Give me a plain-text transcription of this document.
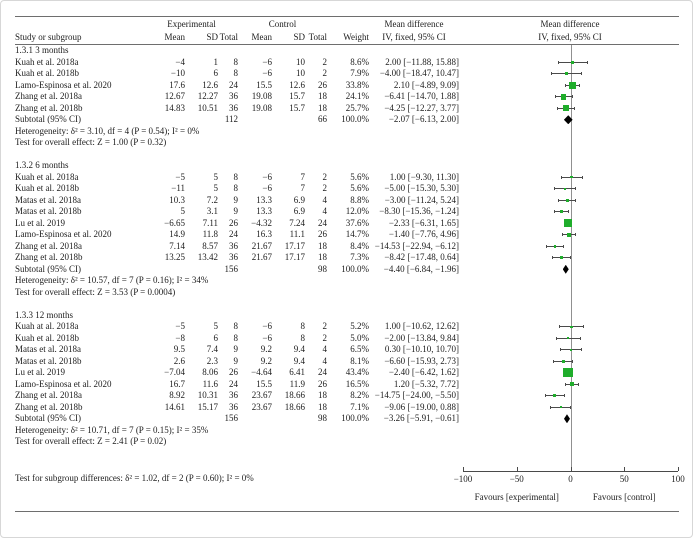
Experimental	Control	Mean difference	Mean difference
Study or subgroup	Mean	SD Total	Mean	SD Total	Weight	IV, fixed, 95% CI	IV, fixed, 95% CI
1.3.1 3 months
Kuah et al. 2018a	−4	1	8	−6	10	2	8.6%	2.00 [−11.88, 15.88]
Kuah et al. 2018b	−10	6	8	−6	10	2	7.9%	−4.00 [−18.47, 10.47]
Lamo-Espinosa et al. 2020	17.6	12.6	24	15.5	12.6	26	33.8%	2.10 [−4.89, 9.09]
Zhang et al. 2018a	12.67	12.27	36	19.08	15.7	18	24.1%	−6.41 [−14.70, 1.88]
Zhang et al. 2018b	14.83	10.51	36	19.08	15.7	18	25.7%	−4.25 [−12.27, 3.77]
Subtotal (95% CI)	112	66	100.0%	−2.07 [−6.13, 2.00]
Heterogeneity: δ² = 3.10, df = 4 (P = 0.54); I² = 0%
Test for overall effect: Z = 1.00 (P = 0.32)
1.3.2 6 months
Kuah et al. 2018a	−5	5	8	−6	7	2	5.6%	1.00 [−9.30, 11.30]
Kuah et al. 2018b	−11	5	8	−6	7	2	5.6%	−5.00 [−15.30, 5.30]
Matas et al. 2018a	10.3	7.2	9	13.3	6.9	4	8.8%	−3.00 [−11.24, 5.24]
Matas et al. 2018b	5	3.1	9	13.3	6.9	4	12.0%	−8.30 [−15.36, −1.24]
Lu et al. 2019	−6.65	7.11	26	−4.32	7.24	24	37.6%	−2.33 [−6.31, 1.65]
Lamo-Espinosa et al. 2020	14.9	11.8	24	16.3	11.1	26	14.7%	−1.40 [−7.76, 4.96]
Zhang et al. 2018a	7.14	8.57	36	21.67	17.17	18	8.4% −14.53 [−22.94, −6.12]
Zhang et al. 2018b	13.25	13.42	36	21.67	17.17	18	7.3%	−8.42 [−17.48, 0.64]
Subtotal (95% CI)	156	98	100.0%	−4.40 [−6.84, −1.96]
Heterogeneity: δ² = 10.57, df = 7 (P = 0.16); I² = 34%
Test for overall effect: Z = 3.53 (P = 0.0004)
1.3.3 12 months
Kuah at al. 2018a	−5	5	8	−6	8	2	5.2%	1.00 [−10.62, 12.62]
Kuah et al. 2018b	−8	6	8	−6	8	2	5.0%	−2.00 [−13.84, 9.84]
Matas et al. 2018a	9.5	7.4	9	9.2	9.4	4	6.5%	0.30 [−10.10, 10.70]
Matas et al. 2018b	2.6	2.3	9	9.2	9.4	4	8.1%	−6.60 [−15.93, 2.73]
Lu et al. 2019	−7.04	8.06	26	−4.64	6.41	24	43.4%	−2.40 [−6.42, 1.62]
Lamo-Espinosa et al. 2020	16.7	11.6	24	15.5	11.9	26	16.5%	1.20 [−5.32, 7.72]
Zhang et al. 2018a	8.92	10.31	36	23.67	18.66	18	8.2% −14.75 [−24.00, −5.50]
Zhang et al. 2018b	14.61	15.17	36	23.67	18.66	18	7.1%	−9.06 [−19.00, 0.88]
Subtotal (95% CI)	156	98	100.0%	−3.26 [−5.91, −0.61]
Heterogeneity: δ² = 10.71, df = 7 (P = 0.15); I² = 35%
Test for overall effect: Z = 2.41 (P = 0.02)
Test for subgroup differences: δ² = 1.02, df = 2 (P = 0.60); I² = 0%	−100	−50	0	50	100
Favours [experimental]	Favours [control]
